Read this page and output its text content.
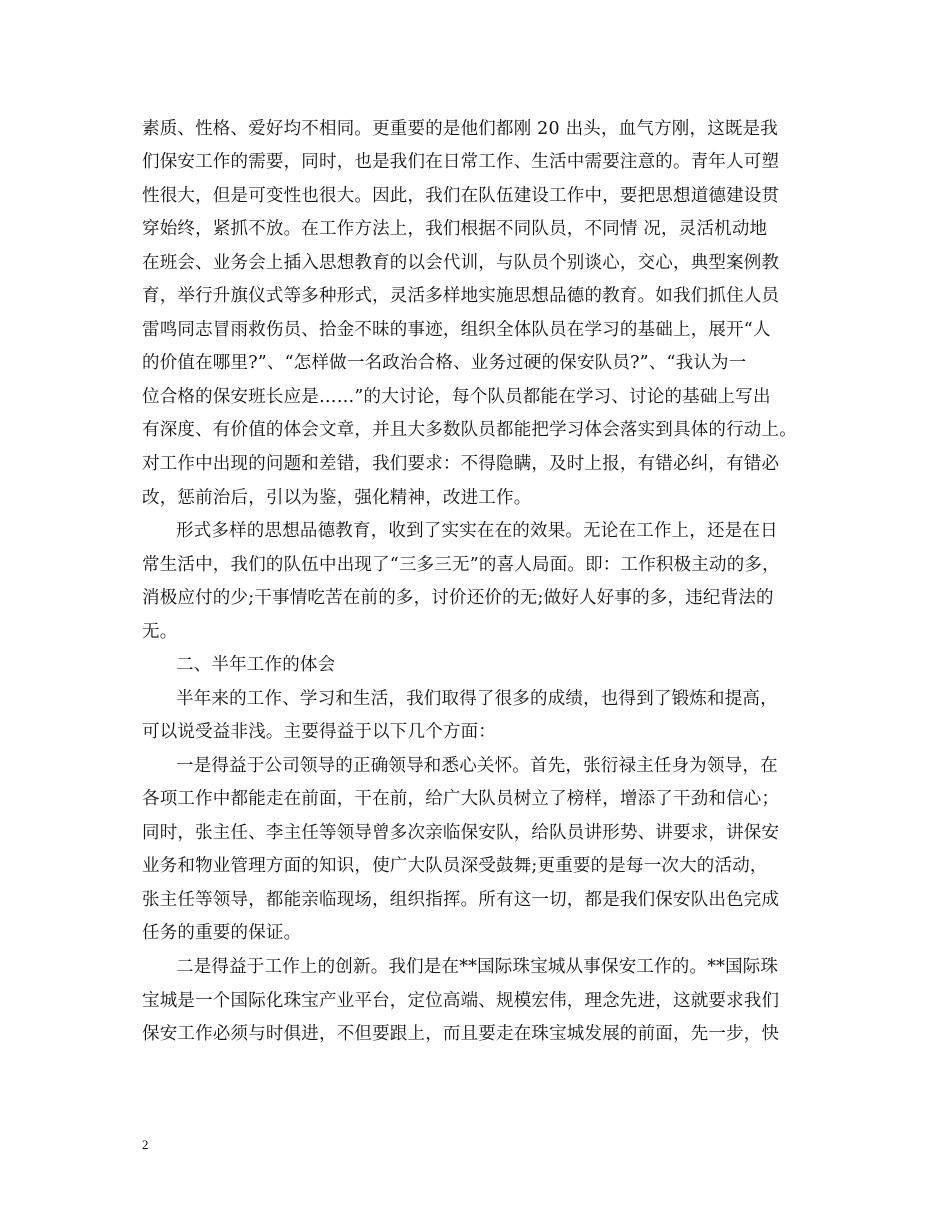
素质、性格、爱好均不相同。更重要的是他们都刚 20 出头，血气方刚，这既是我
们保安工作的需要，同时，也是我们在日常工作、生活中需要注意的。青年人可塑
性很大，但是可变性也很大。因此，我们在队伍建设工作中，要把思想道德建设贯
穿始终，紧抓不放。在工作方法上，我们根据不同队员，不同情 况，灵活机动地
在班会、业务会上插入思想教育的以会代训，与队员个别谈心，交心，典型案例教
育，举行升旗仪式等多种形式，灵活多样地实施思想品德的教育。如我们抓住人员
雷鸣同志冒雨救伤员、拾金不昧的事迹，组织全体队员在学习的基础上，展开“人
的价值在哪里?”、“怎样做一名政治合格、业务过硬的保安队员?”、“我认为一
位合格的保安班长应是……”的大讨论，每个队员都能在学习、讨论的基础上写出
有深度、有价值的体会文章，并且大多数队员都能把学习体会落实到具体的行动上。
对工作中出现的问题和差错，我们要求：不得隐瞒，及时上报，有错必纠，有错必
改，惩前治后，引以为鉴，强化精神，改进工作。
形式多样的思想品德教育，收到了实实在在的效果。无论在工作上，还是在日
常生活中，我们的队伍中出现了“三多三无”的喜人局面。即：工作积极主动的多，
消极应付的少;干事情吃苦在前的多，讨价还价的无;做好人好事的多，违纪背法的
无。
二、半年工作的体会
半年来的工作、学习和生活，我们取得了很多的成绩，也得到了锻炼和提高，
可以说受益非浅。主要得益于以下几个方面：
一是得益于公司领导的正确领导和悉心关怀。首先，张衍禄主任身为领导，在
各项工作中都能走在前面，干在前，给广大队员树立了榜样，增添了干劲和信心；
同时，张主任、李主任等领导曾多次亲临保安队，给队员讲形势、讲要求，讲保安
业务和物业管理方面的知识，使广大队员深受鼓舞;更重要的是每一次大的活动，
张主任等领导，都能亲临现场，组织指挥。所有这一切，都是我们保安队出色完成
任务的重要的保证。
二是得益于工作上的创新。我们是在**国际珠宝城从事保安工作的。**国际珠
宝城是一个国际化珠宝产业平台，定位高端、规模宏伟，理念先进，这就要求我们
保安工作必须与时俱进，不但要跟上，而且要走在珠宝城发展的前面，先一步，快
2
